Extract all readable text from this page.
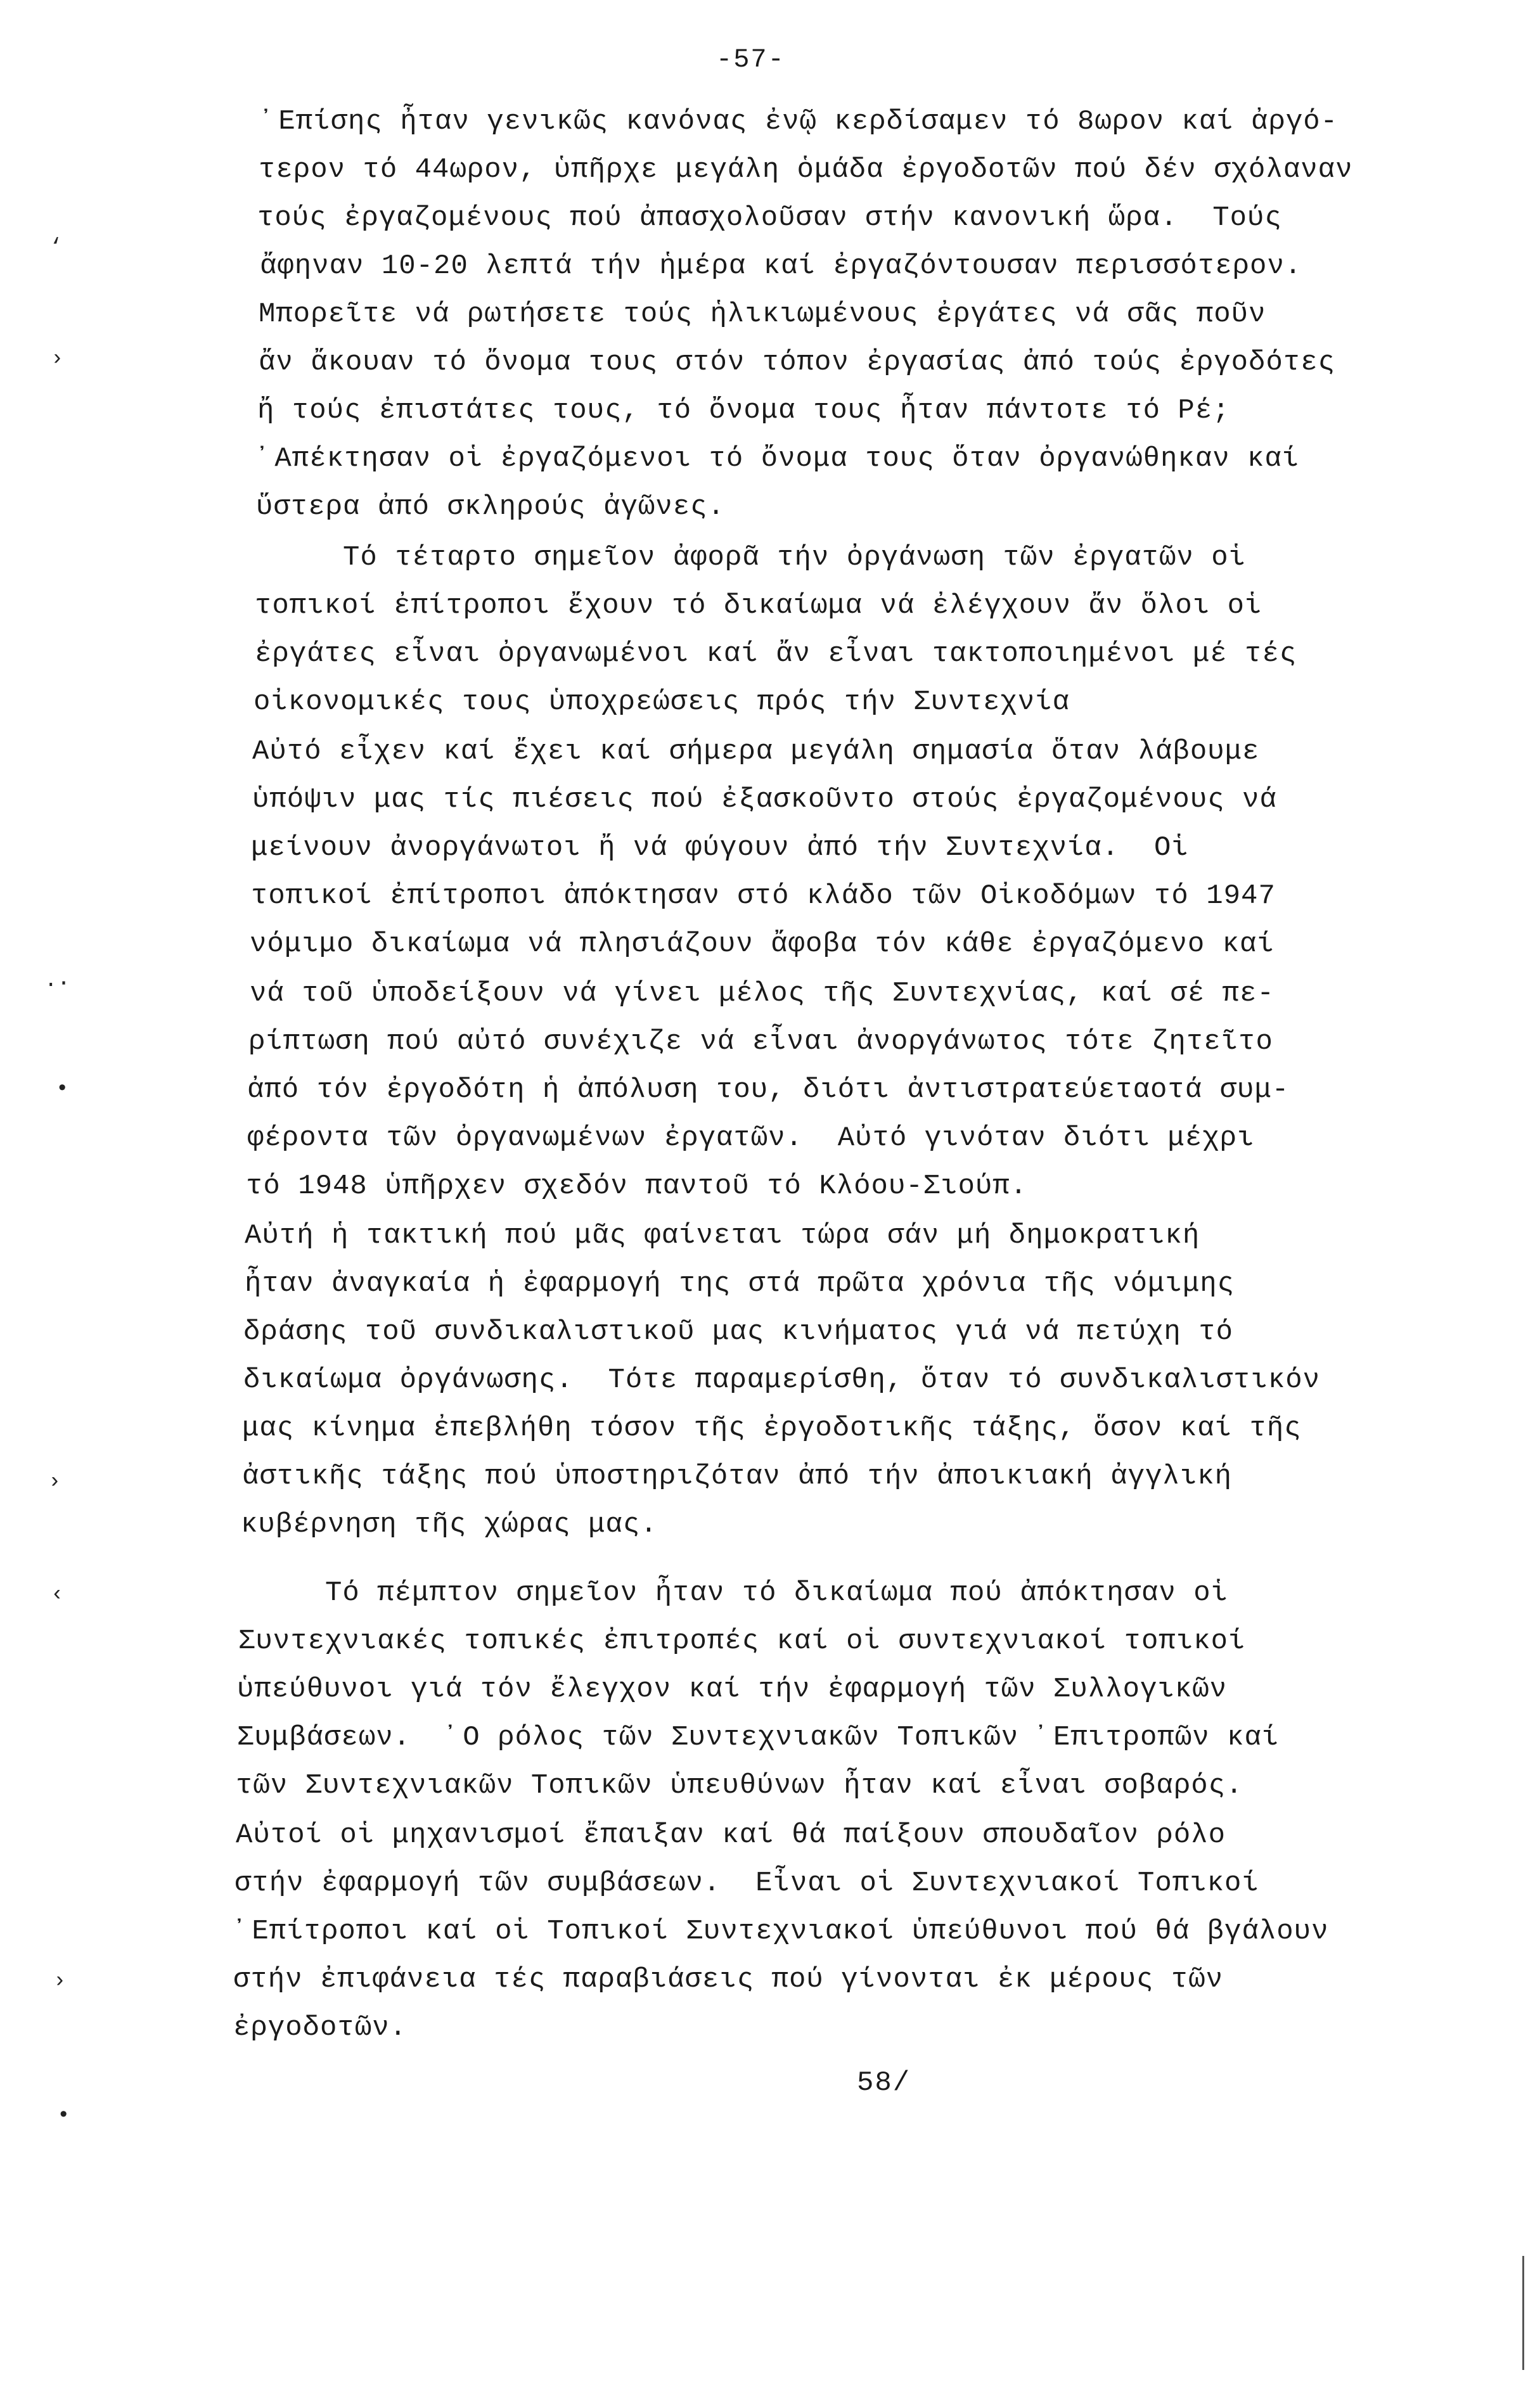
-57-
᾽Επίσης ἦταν γενικῶς κανόνας ἐνῷ κερδίσαμεν τό 8ωρον καί ἀργό-
τερον τό 44ωρον, ὑπῆρχε μεγάλη ὁμάδα ἐργοδοτῶν πού δέν σχόλαναν
τούς ἐργαζομένους πού ἀπασχολοῦσαν στήν κανονική ὥρα.  Τούς
ἄφηναν 10-20 λεπτά τήν ἡμέρα καί ἐργαζόντουσαν περισσότερον.
Μπορεῖτε νά ρωτήσετε τούς ἡλικιωμένους ἐργάτες νά σᾶς ποῦν
ἄν ἄκουαν τό ὄνομα τους στόν τόπον ἐργασίας ἀπό τούς ἐργοδότες
ἤ τούς ἐπιστάτες τους, τό ὄνομα τους ἦταν πάντοτε τό Ρέ;
᾽Απέκτησαν οἱ ἐργαζόμενοι τό ὄνομα τους ὅταν ὀργανώθηκαν καί
ὕστερα ἀπό σκληρούς ἀγῶνες.
Τό τέταρτο σημεῖον ἀφορᾶ τήν ὀργάνωση τῶν ἐργατῶν οἱ
τοπικοί ἐπίτροποι ἔχουν τό δικαίωμα νά ἐλέγχουν ἄν ὅλοι οἱ
ἐργάτες εἶναι ὀργανωμένοι καί ἄν εἶναι τακτοποιημένοι μέ τές
οἰκονομικές τους ὑποχρεώσεις πρός τήν Συντεχνία
Αὐτό εἶχεν καί ἔχει καί σήμερα μεγάλη σημασία ὅταν λάβουμε
ὑπόψιν μας τίς πιέσεις πού ἐξασκοῦντο στούς ἐργαζομένους νά
μείνουν ἀνοργάνωτοι ἤ νά φύγουν ἀπό τήν Συντεχνία.  Οἱ
τοπικοί ἐπίτροποι ἀπόκτησαν στό κλάδο τῶν Οἰκοδόμων τό 1947
νόμιμο δικαίωμα νά πλησιάζουν ἄφοβα τόν κάθε ἐργαζόμενο καί
νά τοῦ ὑποδείξουν νά γίνει μέλος τῆς Συντεχνίας, καί σέ πε-
ρίπτωση πού αὐτό συνέχιζε νά εἶναι ἀνοργάνωτος τότε ζητεῖτο
ἀπό τόν ἐργοδότη ἡ ἀπόλυση του, διότι ἀντιστρατεύεταοτά συμ-
φέροντα τῶν ὀργανωμένων ἐργατῶν.  Αὐτό γινόταν διότι μέχρι
τό 1948 ὑπῆρχεν σχεδόν παντοῦ τό Κλόου-Σιούπ.
Αὐτή ἡ τακτική πού μᾶς φαίνεται τώρα σάν μή δημοκρατική
ἦταν ἀναγκαία ἡ ἐφαρμογή της στά πρῶτα χρόνια τῆς νόμιμης
δράσης τοῦ συνδικαλιστικοῦ μας κινήματος γιά νά πετύχη τό
δικαίωμα ὀργάνωσης.  Τότε παραμερίσθη, ὅταν τό συνδικαλιστικόν
μας κίνημα ἐπεβλήθη τόσον τῆς ἐργοδοτικῆς τάξης, ὅσον καί τῆς
ἀστικῆς τάξης πού ὑποστηριζόταν ἀπό τήν ἀποικιακή ἀγγλική
κυβέρνηση τῆς χώρας μας.
Τό πέμπτον σημεῖον ἦταν τό δικαίωμα πού ἀπόκτησαν οἱ
Συντεχνιακές τοπικές ἐπιτροπές καί οἱ συντεχνιακοί τοπικοί
ὑπεύθυνοι γιά τόν ἔλεγχον καί τήν ἐφαρμογή τῶν Συλλογικῶν
Συμβάσεων.  ᾽Ο ρόλος τῶν Συντεχνιακῶν Τοπικῶν ᾽Επιτροπῶν καί
τῶν Συντεχνιακῶν Τοπικῶν ὑπευθύνων ἦταν καί εἶναι σοβαρός.
Αὐτοί οἱ μηχανισμοί ἔπαιξαν καί θά παίξουν σπουδαῖον ρόλο
στήν ἐφαρμογή τῶν συμβάσεων.  Εἶναι οἱ Συντεχνιακοί Τοπικοί
᾽Επίτροποι καί οἱ Τοπικοί Συντεχνιακοί ὑπεύθυνοι πού θά βγάλουν
στήν ἐπιφάνεια τές παραβιάσεις πού γίνονται ἐκ μέρους τῶν
ἐργοδοτῶν.
58/
‘
›
·⋅
•
›
‹
›
•
